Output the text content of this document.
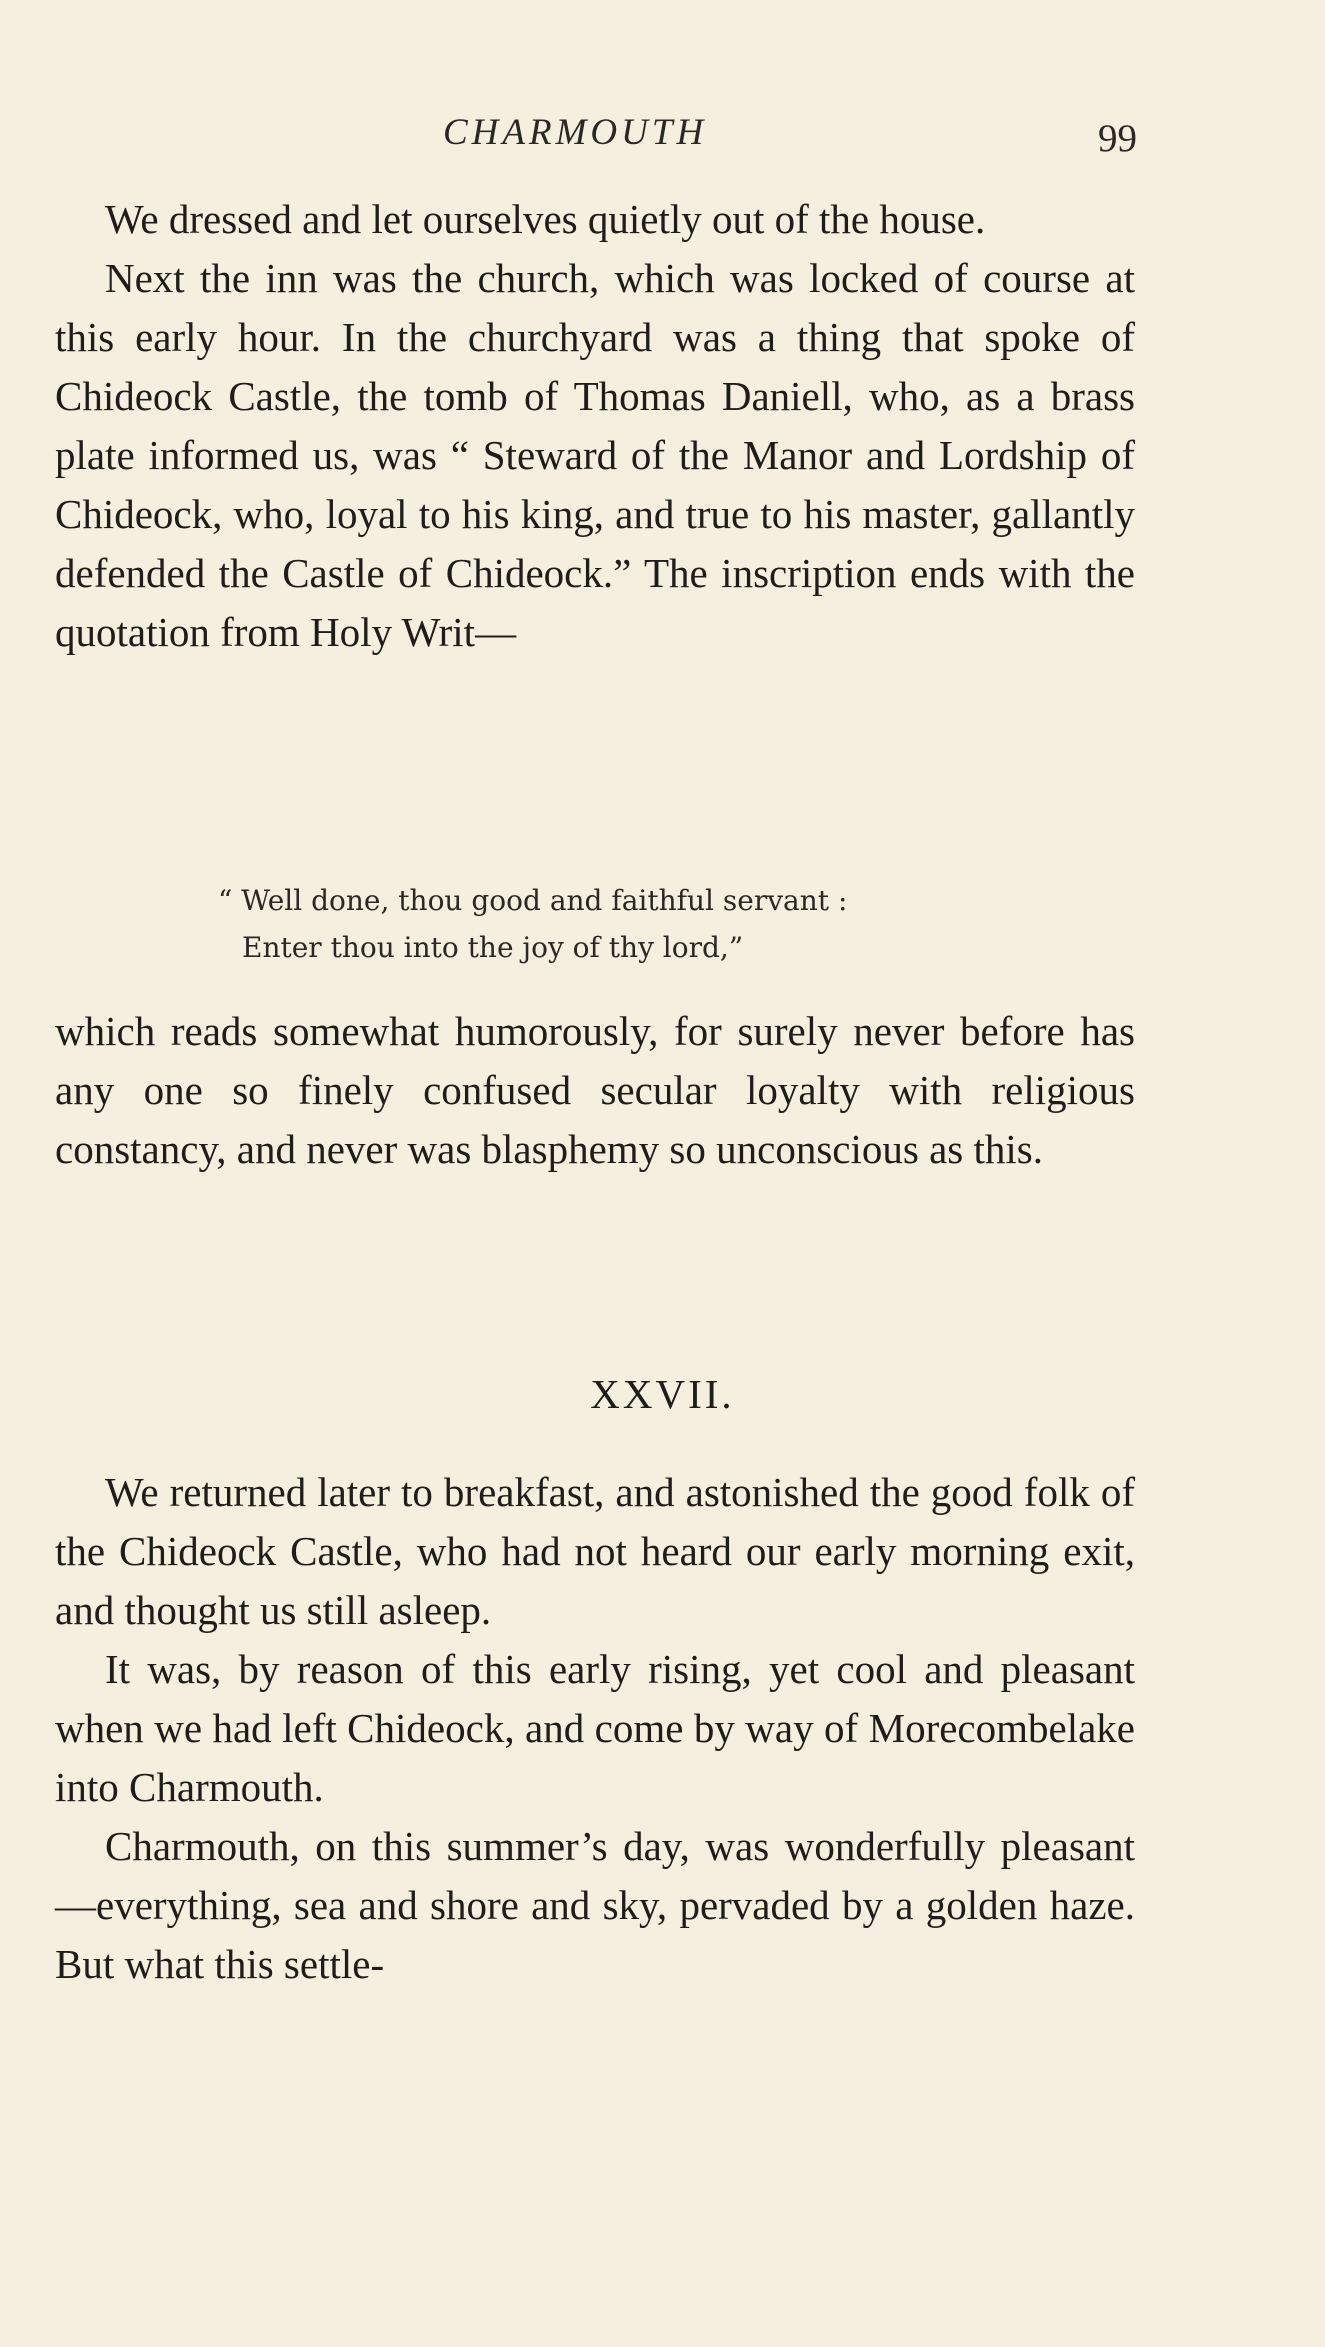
CHARMOUTH	99

We dressed and let ourselves quietly out of the house.

Next the inn was the church, which was locked of course at this early hour. In the churchyard was a thing that spoke of Chideock Castle, the tomb of Thomas Daniell, who, as a brass plate informed us, was “ Steward of the Manor and Lordship of Chideock, who, loyal to his king, and true to his master, gallantly defended the Castle of Chideock.” The inscription ends with the quotation from Holy Writ—

“ Well done, thou good and faithful servant :
Enter thou into the joy of thy lord,”

which reads somewhat humorously, for surely never before has any one so finely confused secular loyalty with religious constancy, and never was blasphemy so unconscious as this.

XXVII.

We returned later to breakfast, and astonished the good folk of the Chideock Castle, who had not heard our early morning exit, and thought us still asleep.

It was, by reason of this early rising, yet cool and pleasant when we had left Chideock, and come by way of Morecombelake into Charmouth.

Charmouth, on this summer’s day, was wonderfully pleasant—everything, sea and shore and sky, pervaded by a golden haze. But what this settle-
